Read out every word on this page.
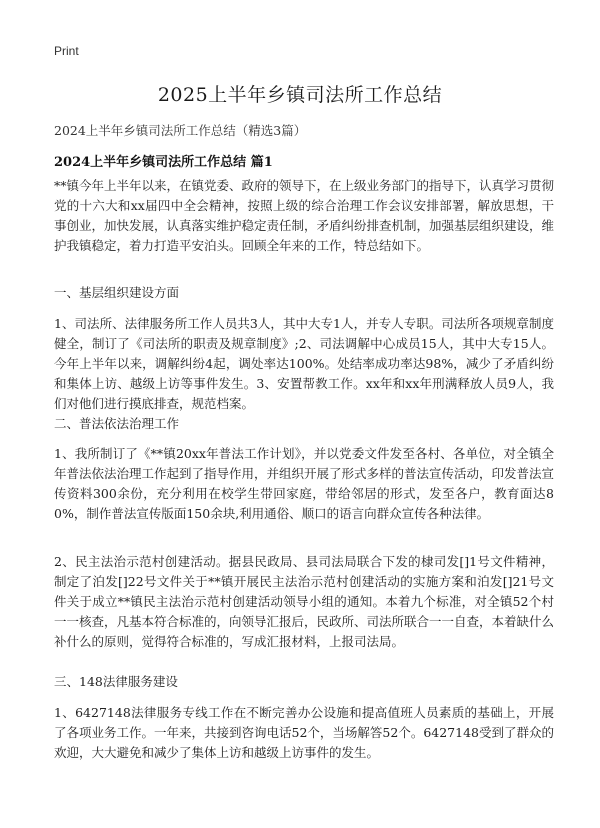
Print
2025上半年乡镇司法所工作总结
2024上半年乡镇司法所工作总结（精选3篇）
2024上半年乡镇司法所工作总结 篇1
**镇今年上半年以来，在镇党委、政府的领导下，在上级业务部门的指导下，认真学习贯彻党的十六大和xx届四中全会精神，按照上级的综合治理工作会议安排部署，解放思想，干事创业，加快发展，认真落实维护稳定责任制，矛盾纠纷排查机制，加强基层组织建设，维护我镇稳定，着力打造平安泊头。回顾全年来的工作，特总结如下。
一、基层组织建设方面
1、司法所、法律服务所工作人员共3人，其中大专1人，并专人专职。司法所各项规章制度健全，制订了《司法所的职责及规章制度》;2、司法调解中心成员15人，其中大专15人。今年上半年以来，调解纠纷4起，调处率达100%。处结率成功率达98%，减少了矛盾纠纷和集体上访、越级上访等事件发生。3、安置帮教工作。xx年和xx年刑满释放人员9人，我们对他们进行摸底排查，规范档案。
二、普法依法治理工作
1、我所制订了《**镇20xx年普法工作计划》，并以党委文件发至各村、各单位，对全镇全年普法依法治理工作起到了指导作用，并组织开展了形式多样的普法宣传活动，印发普法宣传资料300余份，充分利用在校学生带回家庭，带给邻居的形式，发至各户，教育面达80%，制作普法宣传版面150余块,利用通俗、顺口的语言向群众宣传各种法律。
2、民主法治示范村创建活动。据县民政局、县司法局联合下发的棣司发[]1号文件精神，制定了泊发[]22号文件关于**镇开展民主法治示范村创建活动的实施方案和泊发[]21号文件关于成立**镇民主法治示范村创建活动领导小组的通知。本着九个标准，对全镇52个村一一核查，凡基本符合标准的，向领导汇报后，民政所、司法所联合一一自查，本着缺什么补什么的原则，觉得符合标准的，写成汇报材料，上报司法局。
三、148法律服务建设
1、6427148法律服务专线工作在不断完善办公设施和提高值班人员素质的基础上，开展了各项业务工作。一年来，共接到咨询电话52个，当场解答52个。6427148受到了群众的欢迎，大大避免和减少了集体上访和越级上访事件的发生。
